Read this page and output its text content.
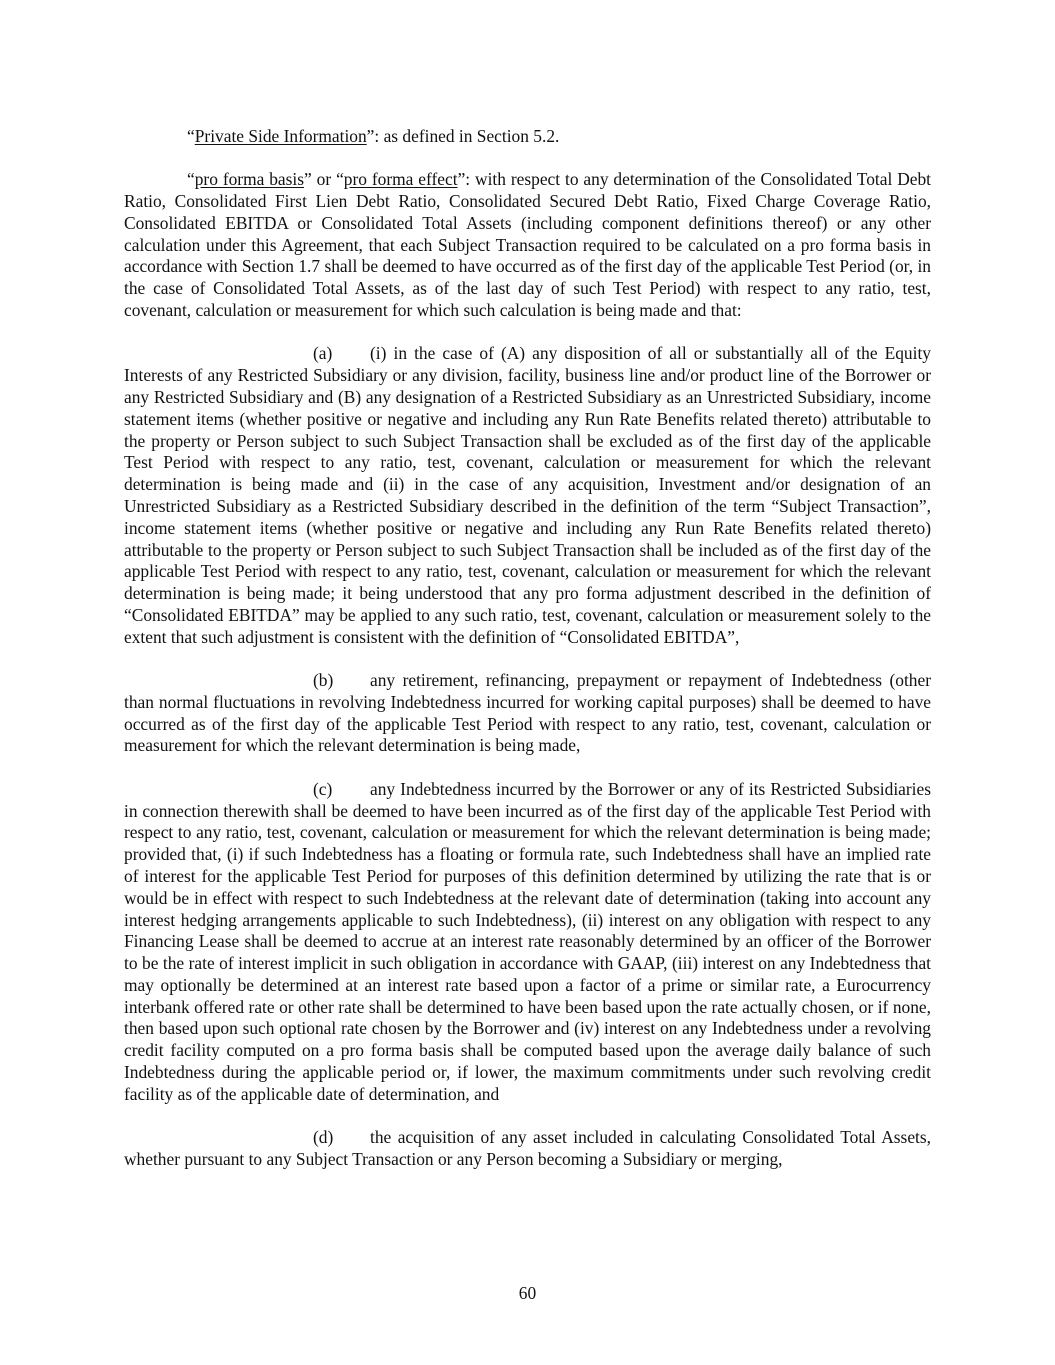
“Private Side Information”: as defined in Section 5.2.

“pro forma basis” or “pro forma effect”: with respect to any determination of the Consolidated Total Debt Ratio, Consolidated First Lien Debt Ratio, Consolidated Secured Debt Ratio, Fixed Charge Coverage Ratio, Consolidated EBITDA or Consolidated Total Assets (including component definitions thereof) or any other calculation under this Agreement, that each Subject Transaction required to be calculated on a pro forma basis in accordance with Section 1.7 shall be deemed to have occurred as of the first day of the applicable Test Period (or, in the case of Consolidated Total Assets, as of the last day of such Test Period) with respect to any ratio, test, covenant, calculation or measurement for which such calculation is being made and that:

(a) (i) in the case of (A) any disposition of all or substantially all of the Equity Interests of any Restricted Subsidiary or any division, facility, business line and/or product line of the Borrower or any Restricted Subsidiary and (B) any designation of a Restricted Subsidiary as an Unrestricted Subsidiary, income statement items (whether positive or negative and including any Run Rate Benefits related thereto) attributable to the property or Person subject to such Subject Transaction shall be excluded as of the first day of the applicable Test Period with respect to any ratio, test, covenant, calculation or measurement for which the relevant determination is being made and (ii) in the case of any acquisition, Investment and/or designation of an Unrestricted Subsidiary as a Restricted Subsidiary described in the definition of the term “Subject Transaction”, income statement items (whether positive or negative and including any Run Rate Benefits related thereto) attributable to the property or Person subject to such Subject Transaction shall be included as of the first day of the applicable Test Period with respect to any ratio, test, covenant, calculation or measurement for which the relevant determination is being made; it being understood that any pro forma adjustment described in the definition of “Consolidated EBITDA” may be applied to any such ratio, test, covenant, calculation or measurement solely to the extent that such adjustment is consistent with the definition of “Consolidated EBITDA”,

(b) any retirement, refinancing, prepayment or repayment of Indebtedness (other than normal fluctuations in revolving Indebtedness incurred for working capital purposes) shall be deemed to have occurred as of the first day of the applicable Test Period with respect to any ratio, test, covenant, calculation or measurement for which the relevant determination is being made,

(c) any Indebtedness incurred by the Borrower or any of its Restricted Subsidiaries in connection therewith shall be deemed to have been incurred as of the first day of the applicable Test Period with respect to any ratio, test, covenant, calculation or measurement for which the relevant determination is being made; provided that, (i) if such Indebtedness has a floating or formula rate, such Indebtedness shall have an implied rate of interest for the applicable Test Period for purposes of this definition determined by utilizing the rate that is or would be in effect with respect to such Indebtedness at the relevant date of determination (taking into account any interest hedging arrangements applicable to such Indebtedness), (ii) interest on any obligation with respect to any Financing Lease shall be deemed to accrue at an interest rate reasonably determined by an officer of the Borrower to be the rate of interest implicit in such obligation in accordance with GAAP, (iii) interest on any Indebtedness that may optionally be determined at an interest rate based upon a factor of a prime or similar rate, a Eurocurrency interbank offered rate or other rate shall be determined to have been based upon the rate actually chosen, or if none, then based upon such optional rate chosen by the Borrower and (iv) interest on any Indebtedness under a revolving credit facility computed on a pro forma basis shall be computed based upon the average daily balance of such Indebtedness during the applicable period or, if lower, the maximum commitments under such revolving credit facility as of the applicable date of determination, and

(d) the acquisition of any asset included in calculating Consolidated Total Assets, whether pursuant to any Subject Transaction or any Person becoming a Subsidiary or merging,

60
